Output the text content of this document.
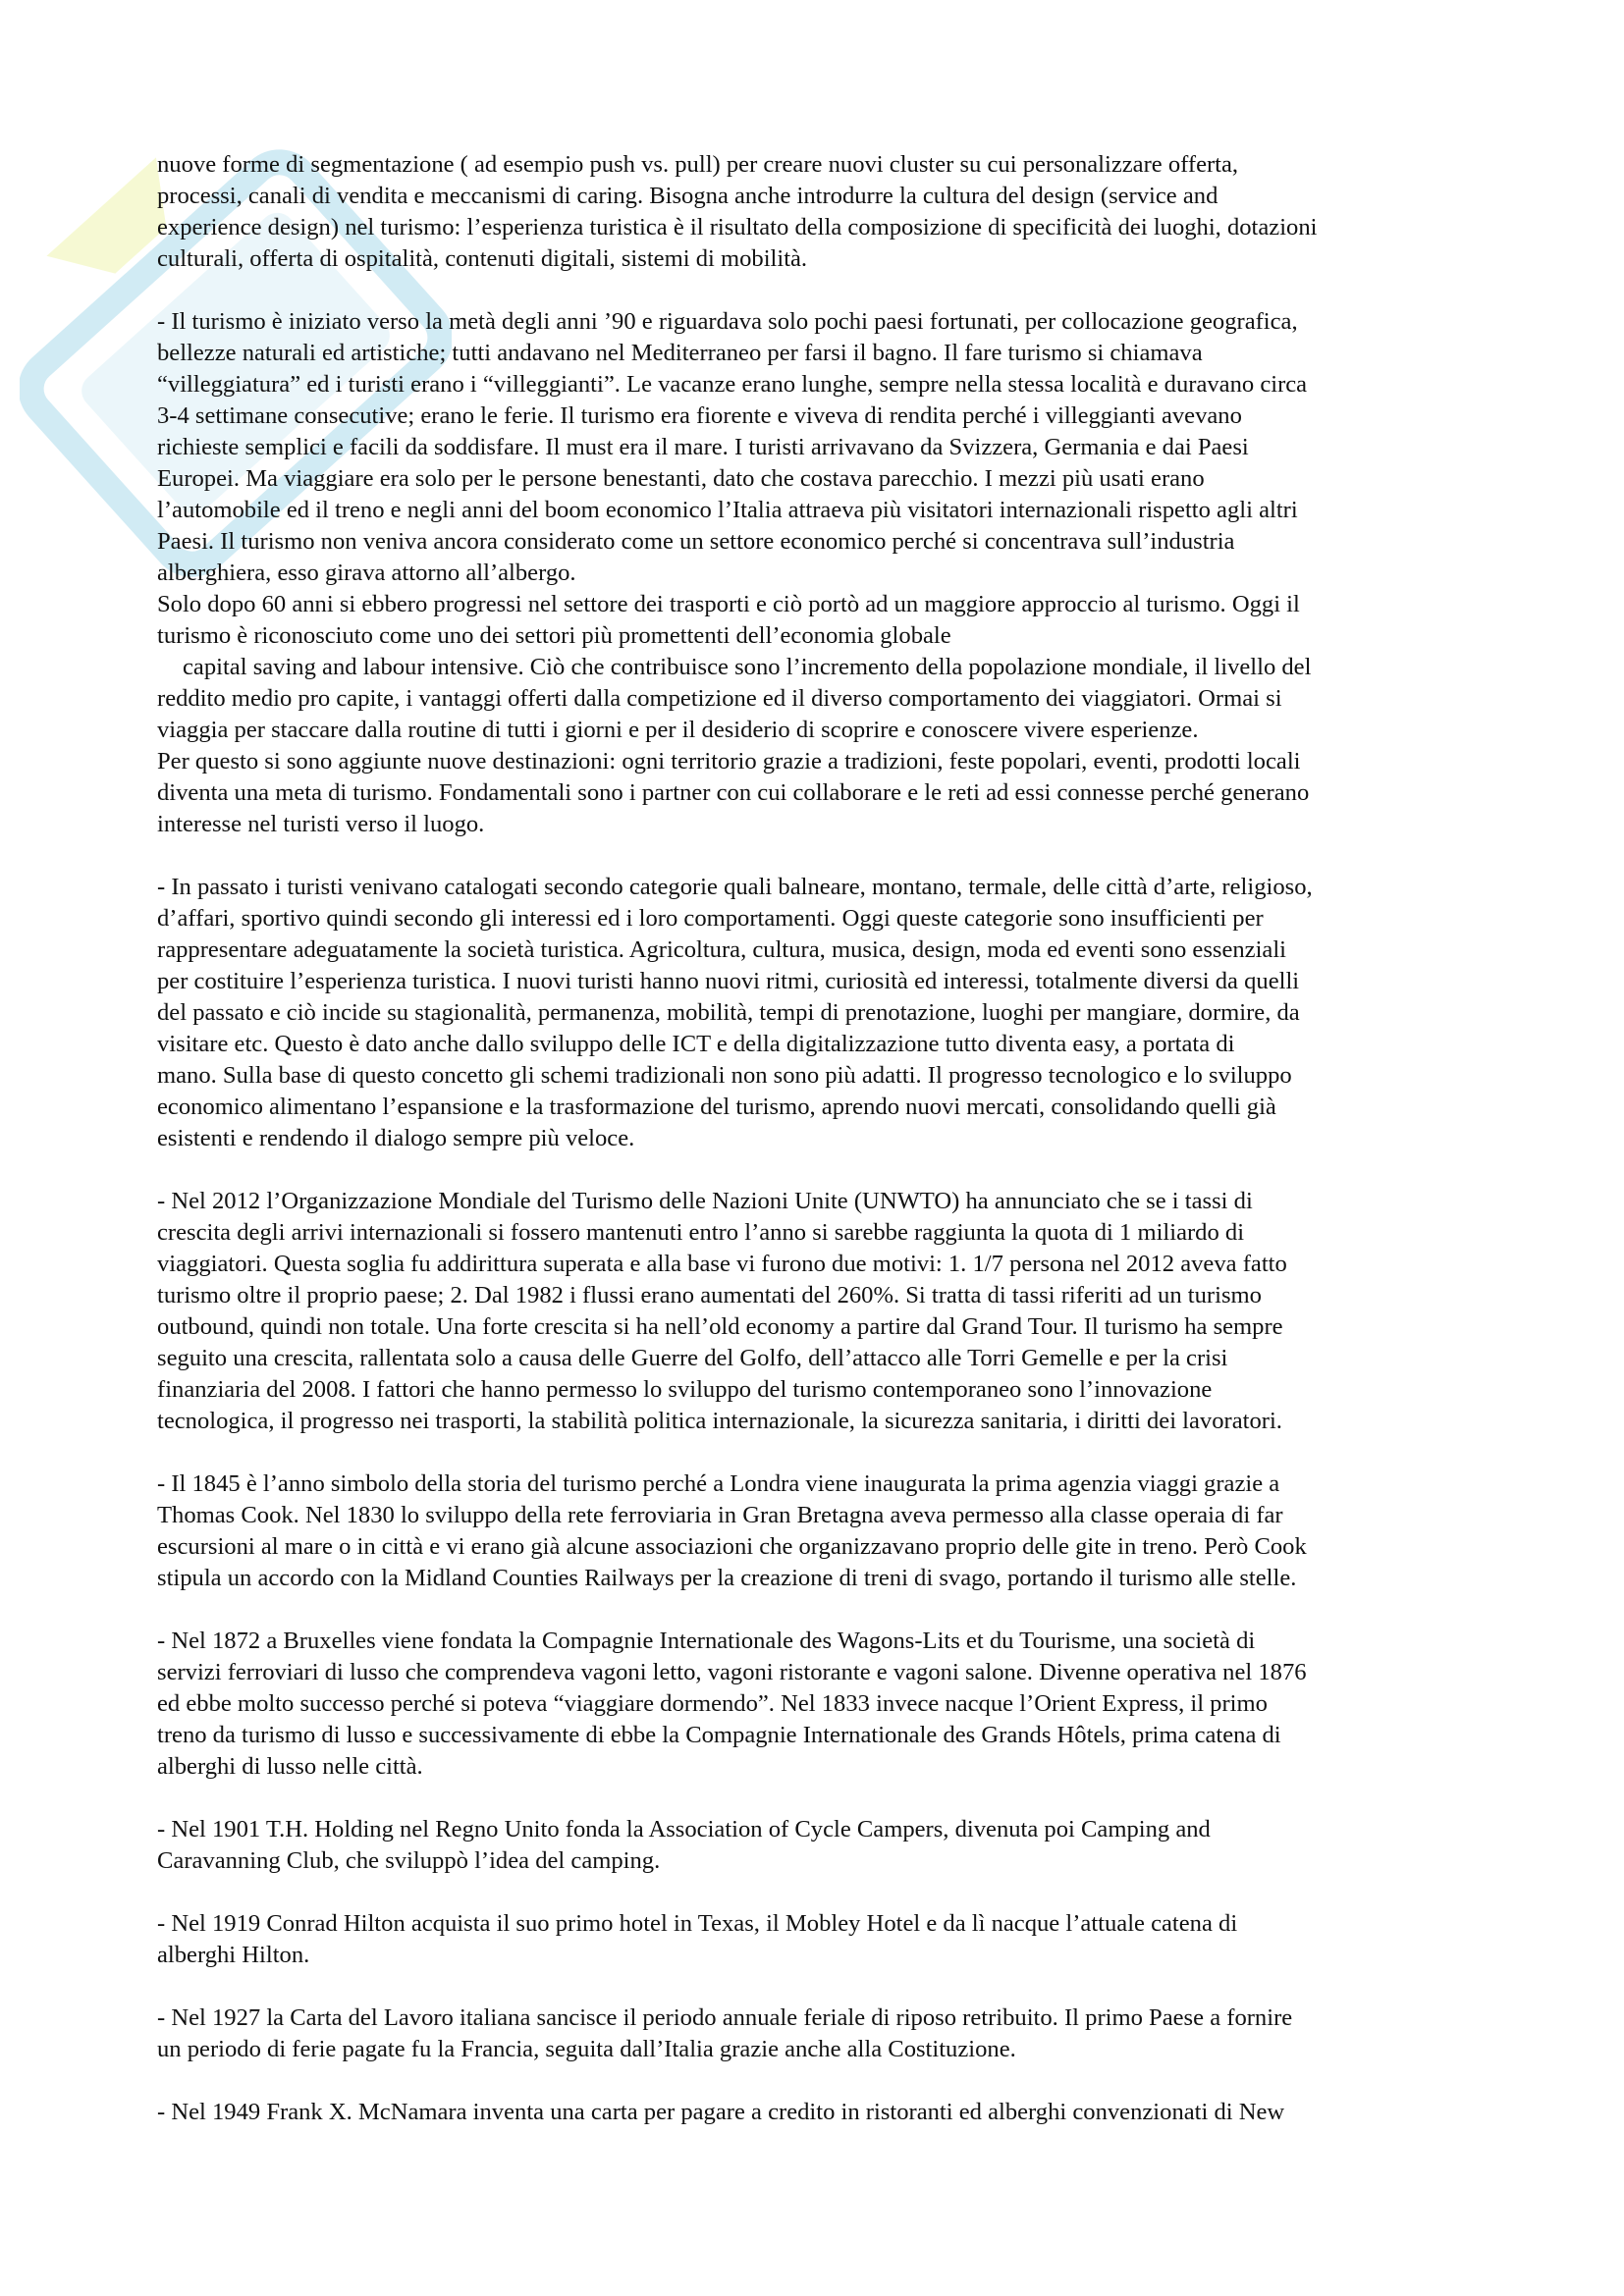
nuove forme di segmentazione ( ad esempio push vs. pull) per creare nuovi cluster su cui personalizzare offerta,
processi, canali di vendita e meccanismi di caring. Bisogna anche introdurre la cultura del design (service and
experience design) nel turismo: l’esperienza turistica è il risultato della composizione di specificità dei luoghi, dotazioni
culturali, offerta di ospitalità, contenuti digitali, sistemi di mobilità.
- Il turismo è iniziato verso la metà degli anni ’90 e riguardava solo pochi paesi fortunati, per collocazione geografica,
bellezze naturali ed artistiche; tutti andavano nel Mediterraneo per farsi il bagno. Il fare turismo si chiamava
“villeggiatura” ed i turisti erano i “villeggianti”. Le vacanze erano lunghe, sempre nella stessa località e duravano circa
3-4 settimane consecutive; erano le ferie. Il turismo era fiorente e viveva di rendita perché i villeggianti avevano
richieste semplici e facili da soddisfare. Il must era il mare. I turisti arrivavano da Svizzera, Germania e dai Paesi
Europei. Ma viaggiare era solo per le persone benestanti, dato che costava parecchio. I mezzi più usati erano
l’automobile ed il treno e negli anni del boom economico l’Italia attraeva più visitatori internazionali rispetto agli altri
Paesi. Il turismo non veniva ancora considerato come un settore economico perché si concentrava sull’industria
alberghiera, esso girava attorno all’albergo.
Solo dopo 60 anni si ebbero progressi nel settore dei trasporti e ciò portò ad un maggiore approccio al turismo. Oggi il
turismo è riconosciuto come uno dei settori più promettenti dell’economia globale
capital saving and labour intensive. Ciò che contribuisce sono l’incremento della popolazione mondiale, il livello del
reddito medio pro capite, i vantaggi offerti dalla competizione ed il diverso comportamento dei viaggiatori. Ormai si
viaggia per staccare dalla routine di tutti i giorni e per il desiderio di scoprire e conoscere vivere esperienze.
Per questo si sono aggiunte nuove destinazioni: ogni territorio grazie a tradizioni, feste popolari, eventi, prodotti locali
diventa una meta di turismo. Fondamentali sono i partner con cui collaborare e le reti ad essi connesse perché generano
interesse nel turisti verso il luogo.
- In passato i turisti venivano catalogati secondo categorie quali balneare, montano, termale, delle città d’arte, religioso,
d’affari, sportivo quindi secondo gli interessi ed i loro comportamenti. Oggi queste categorie sono insufficienti per
rappresentare adeguatamente la società turistica. Agricoltura, cultura, musica, design, moda ed eventi sono essenziali
per costituire l’esperienza turistica. I nuovi turisti hanno nuovi ritmi, curiosità ed interessi, totalmente diversi da quelli
del passato e ciò incide su stagionalità, permanenza, mobilità, tempi di prenotazione, luoghi per mangiare, dormire, da
visitare etc. Questo è dato anche dallo sviluppo delle ICT e della digitalizzazione tutto diventa easy, a portata di
mano. Sulla base di questo concetto gli schemi tradizionali non sono più adatti. Il progresso tecnologico e lo sviluppo
economico alimentano l’espansione e la trasformazione del turismo, aprendo nuovi mercati, consolidando quelli già
esistenti e rendendo il dialogo sempre più veloce.
- Nel 2012 l’Organizzazione Mondiale del Turismo delle Nazioni Unite (UNWTO) ha annunciato che se i tassi di
crescita degli arrivi internazionali si fossero mantenuti entro l’anno si sarebbe raggiunta la quota di 1 miliardo di
viaggiatori. Questa soglia fu addirittura superata e alla base vi furono due motivi: 1. 1/7 persona nel 2012 aveva fatto
turismo oltre il proprio paese; 2. Dal 1982 i flussi erano aumentati del 260%. Si tratta di tassi riferiti ad un turismo
outbound, quindi non totale. Una forte crescita si ha nell’old economy a partire dal Grand Tour. Il turismo ha sempre
seguito una crescita, rallentata solo a causa delle Guerre del Golfo, dell’attacco alle Torri Gemelle e per la crisi
finanziaria del 2008. I fattori che hanno permesso lo sviluppo del turismo contemporaneo sono l’innovazione
tecnologica, il progresso nei trasporti, la stabilità politica internazionale, la sicurezza sanitaria, i diritti dei lavoratori.
- Il 1845 è l’anno simbolo della storia del turismo perché a Londra viene inaugurata la prima agenzia viaggi grazie a
Thomas Cook. Nel 1830 lo sviluppo della rete ferroviaria in Gran Bretagna aveva permesso alla classe operaia di far
escursioni al mare o in città e vi erano già alcune associazioni che organizzavano proprio delle gite in treno. Però Cook
stipula un accordo con la Midland Counties Railways per la creazione di treni di svago, portando il turismo alle stelle.
- Nel 1872 a Bruxelles viene fondata la Compagnie Internationale des Wagons-Lits et du Tourisme, una società di
servizi ferroviari di lusso che comprendeva vagoni letto, vagoni ristorante e vagoni salone. Divenne operativa nel 1876
ed ebbe molto successo perché si poteva “viaggiare dormendo”. Nel 1833 invece nacque l’Orient Express, il primo
treno da turismo di lusso e successivamente di ebbe la Compagnie Internationale des Grands Hôtels, prima catena di
alberghi di lusso nelle città.
- Nel 1901 T.H. Holding nel Regno Unito fonda la Association of Cycle Campers, divenuta poi Camping and
Caravanning Club, che sviluppò l’idea del camping.
- Nel 1919 Conrad Hilton acquista il suo primo hotel in Texas, il Mobley Hotel e da lì nacque l’attuale catena di
alberghi Hilton.
- Nel 1927 la Carta del Lavoro italiana sancisce il periodo annuale feriale di riposo retribuito. Il primo Paese a fornire
un periodo di ferie pagate fu la Francia, seguita dall’Italia grazie anche alla Costituzione.
- Nel 1949 Frank X. McNamara inventa una carta per pagare a credito in ristoranti ed alberghi convenzionati di New
